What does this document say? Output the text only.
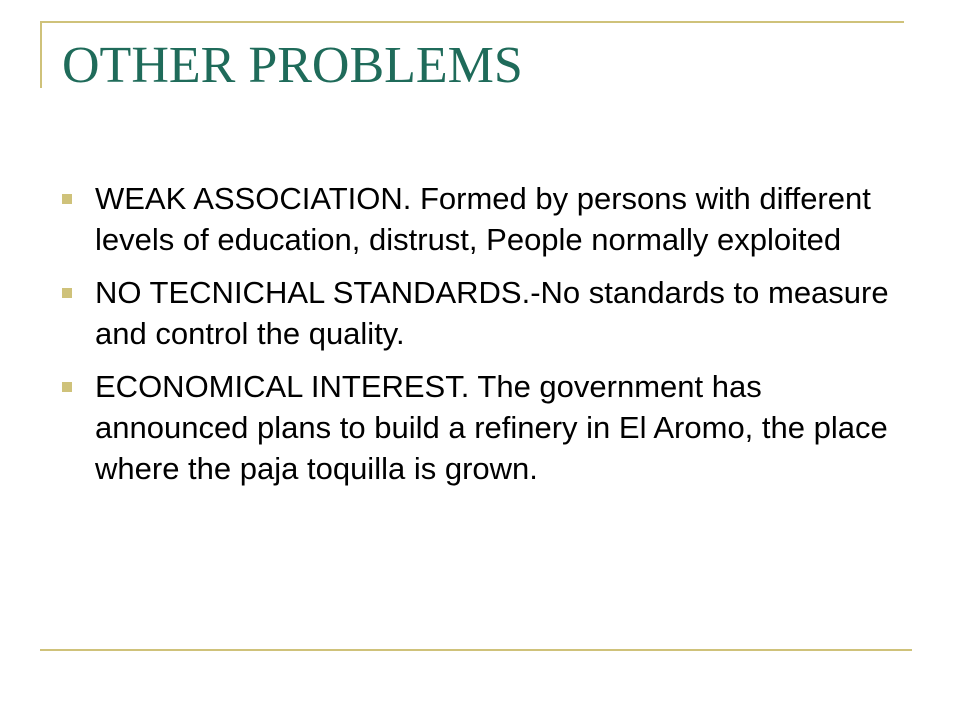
OTHER PROBLEMS
WEAK ASSOCIATION. Formed by persons with different levels of education, distrust, People normally exploited
NO TECNICHAL STANDARDS.-No standards to measure and control the quality.
ECONOMICAL INTEREST. The government has announced plans to build a refinery in El Aromo, the place where the paja toquilla is grown.
